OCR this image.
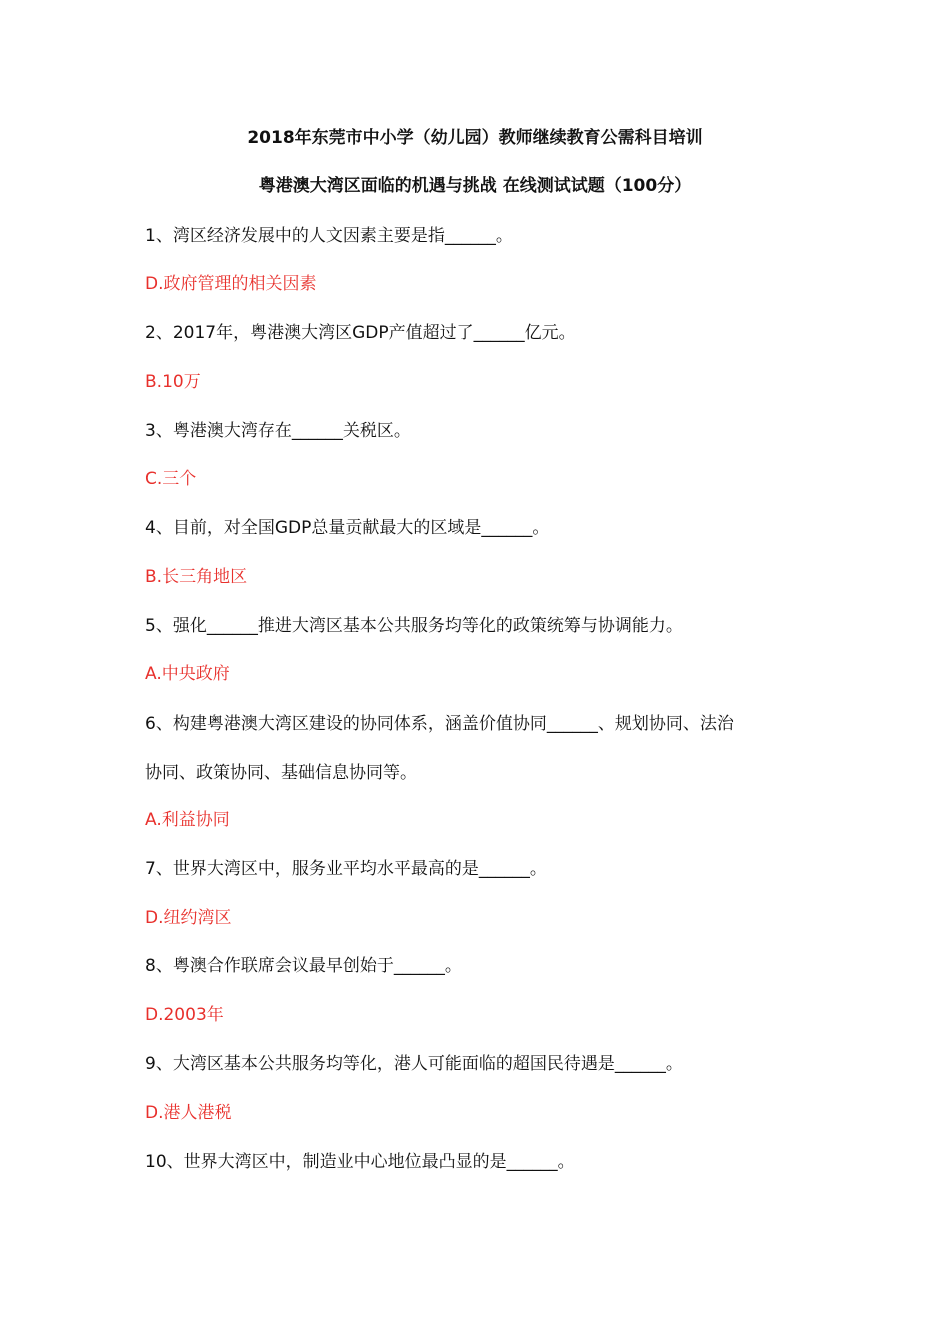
2018年东莞市中小学（幼儿园）教师继续教育公需科目培训
粤港澳大湾区面临的机遇与挑战 在线测试试题（100分）
1、湾区经济发展中的人文因素主要是指______。
D.政府管理的相关因素
2、2017年，粤港澳大湾区GDP产值超过了______亿元。
B.10万
3、粤港澳大湾存在______关税区。
C.三个
4、目前，对全国GDP总量贡献最大的区域是______。
B.长三角地区
5、强化______推进大湾区基本公共服务均等化的政策统筹与协调能力。
A.中央政府
6、构建粤港澳大湾区建设的协同体系，涵盖价值协同______、规划协同、法治
协同、政策协同、基础信息协同等。
A.利益协同
7、世界大湾区中，服务业平均水平最高的是______。
D.纽约湾区
8、粤澳合作联席会议最早创始于______。
D.2003年
9、大湾区基本公共服务均等化，港人可能面临的超国民待遇是______。
D.港人港税
10、世界大湾区中，制造业中心地位最凸显的是______。
